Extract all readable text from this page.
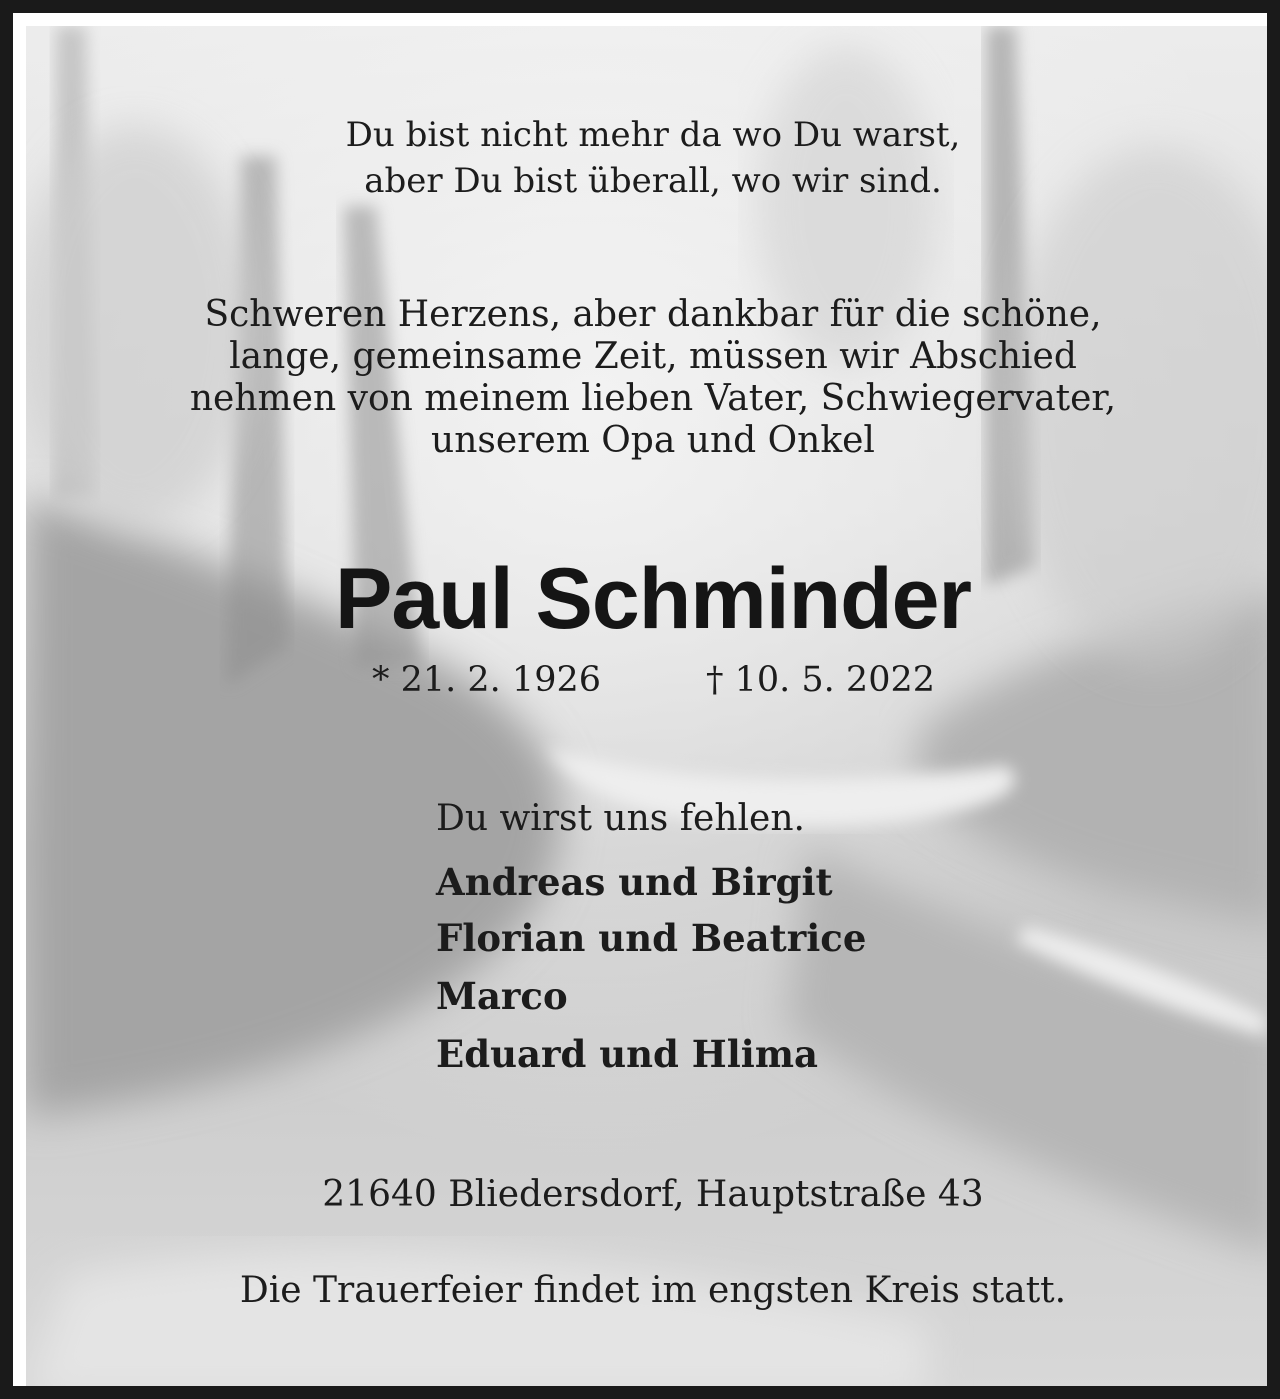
Du bist nicht mehr da wo Du warst,
aber Du bist überall, wo wir sind.
Schweren Herzens, aber dankbar für die schöne,
lange, gemeinsame Zeit, müssen wir Abschied
nehmen von meinem lieben Vater, Schwiegervater,
unserem Opa und Onkel
Paul Schminder
* 21. 2. 1926	† 10. 5. 2022
Du wirst uns fehlen.
Andreas und Birgit
Florian und Beatrice
Marco
Eduard und Hlima
21640 Bliedersdorf, Hauptstraße 43
Die Trauerfeier findet im engsten Kreis statt.
